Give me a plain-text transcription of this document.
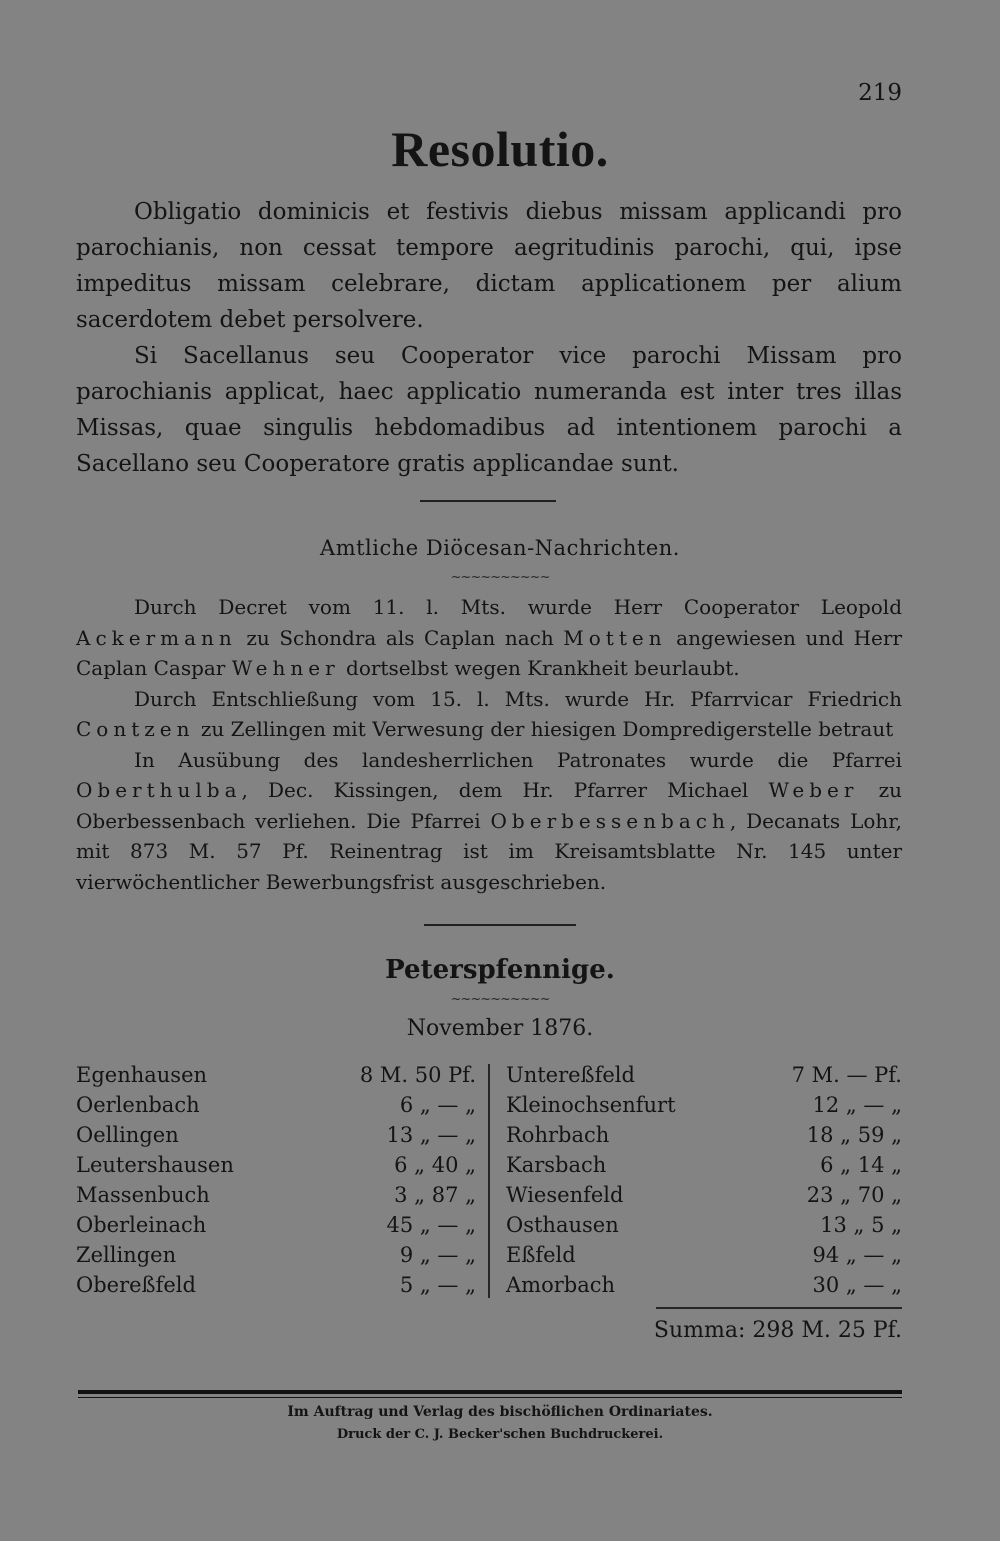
219
Resolutio.

Obligatio dominicis et festivis diebus missam applicandi pro parochianis, non cessat tempore aegritudinis parochi, qui, ipse impeditus missam celebrare, dictam applicationem per alium sacerdotem debet persolvere.

Si Sacellanus seu Cooperator vice parochi Missam pro parochianis applicat, haec applicatio numeranda est inter tres illas Missas, quae singulis hebdomadibus ad intentionem parochi a Sacellano seu Cooperatore gratis applicandae sunt.

Amtliche Diöcesan-Nachrichten.
~~~~~~~~~~

Durch Decret vom 11. l. Mts. wurde Herr Cooperator Leopold Ackermann zu Schondra als Caplan nach Motten angewiesen und Herr Caplan Caspar Wehner dortselbst wegen Krankheit beurlaubt.

Durch Entschließung vom 15. l. Mts. wurde Hr. Pfarrvicar Friedrich Contzen zu Zellingen mit Verwesung der hiesigen Dompredigerstelle betraut

In Ausübung des landesherrlichen Patronates wurde die Pfarrei Oberthulba, Dec. Kissingen, dem Hr. Pfarrer Michael Weber zu Oberbessenbach verliehen. Die Pfarrei Oberbessenbach, Decanats Lohr, mit 873 M. 57 Pf. Reinentrag ist im Kreisamtsblatte Nr. 145 unter vierwöchentlicher Bewerbungsfrist ausgeschrieben.

Peterspfennige.
~~~~~~~~~~
November 1876.
Egenhausen	8 M. 50 Pf.
Oerlenbach	6 „ — „
Oellingen	13 „ — „
Leutershausen	6 „ 40 „
Massenbuch	3 „ 87 „
Oberleinach	45 „ — „
Zellingen	9 „ — „
Obereßfeld	5 „ — „
Untereßfeld	7 M. — Pf.
Kleinochsenfurt	12 „ — „
Rohrbach	18 „ 59 „
Karsbach	6 „ 14 „
Wiesenfeld	23 „ 70 „
Osthausen	13 „ 5 „
Eßfeld	94 „ — „
Amorbach	30 „ — „
Summa: 298 M. 25 Pf.
Im Auftrag und Verlag des bischöflichen Ordinariates.
Druck der C. J. Becker'schen Buchdruckerei.
